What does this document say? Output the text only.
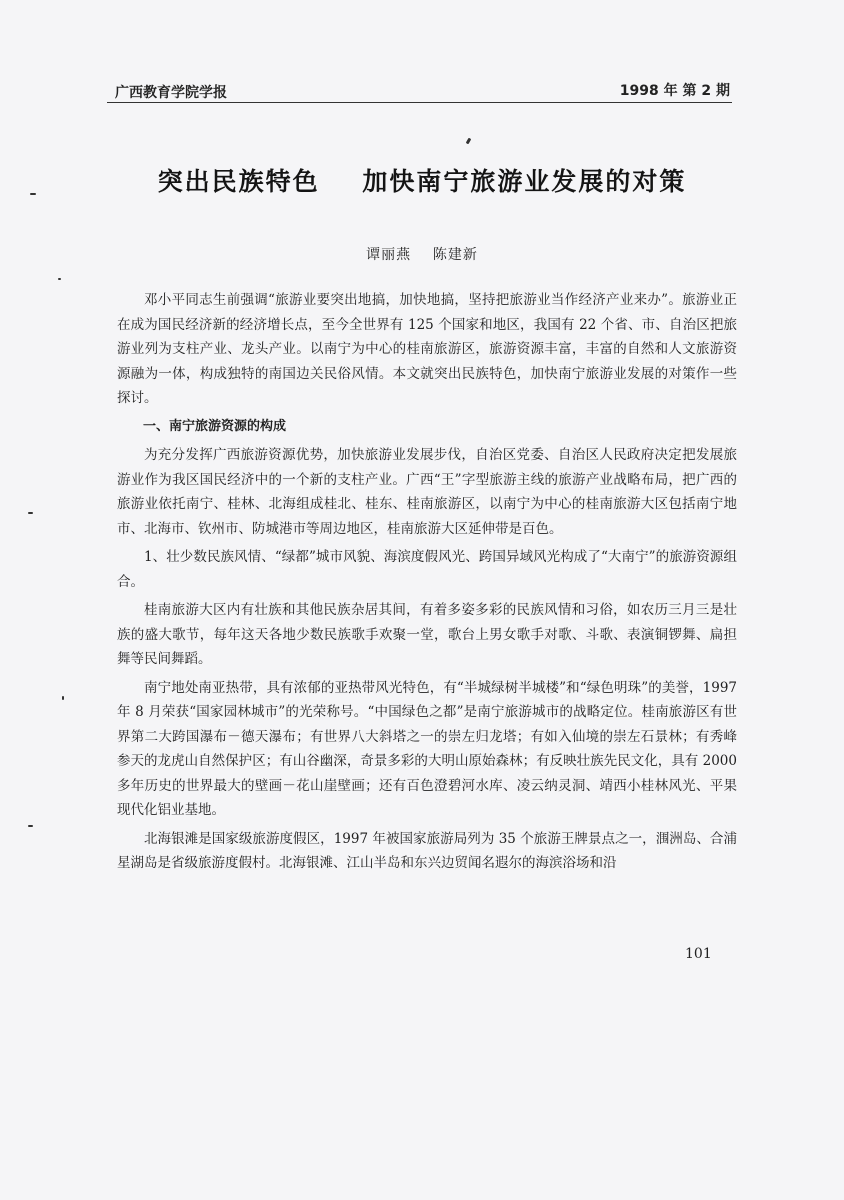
广西教育学院学报	1998 年 第 2 期
突出民族特色    加快南宁旅游业发展的对策
谭丽燕    陈建新

邓小平同志生前强调“旅游业要突出地搞，加快地搞，坚持把旅游业当作经济产业来办”。旅游业正在成为国民经济新的经济增长点，至今全世界有 125 个国家和地区，我国有 22 个省、市、自治区把旅游业列为支柱产业、龙头产业。以南宁为中心的桂南旅游区，旅游资源丰富，丰富的自然和人文旅游资源融为一体，构成独特的南国边关民俗风情。本文就突出民族特色，加快南宁旅游业发展的对策作一些探讨。

一、南宁旅游资源的构成

为充分发挥广西旅游资源优势，加快旅游业发展步伐，自治区党委、自治区人民政府决定把发展旅游业作为我区国民经济中的一个新的支柱产业。广西“王”字型旅游主线的旅游产业战略布局，把广西的旅游业依托南宁、桂林、北海组成桂北、桂东、桂南旅游区，以南宁为中心的桂南旅游大区包括南宁地市、北海市、钦州市、防城港市等周边地区，桂南旅游大区延伸带是百色。

1、壮少数民族风情、“绿都”城市风貌、海滨度假风光、跨国异域风光构成了“大南宁”的旅游资源组合。

桂南旅游大区内有壮族和其他民族杂居其间，有着多姿多彩的民族风情和习俗，如农历三月三是壮族的盛大歌节，每年这天各地少数民族歌手欢聚一堂，歌台上男女歌手对歌、斗歌、表演铜锣舞、扁担舞等民间舞蹈。

南宁地处南亚热带，具有浓郁的亚热带风光特色，有“半城绿树半城楼”和“绿色明珠”的美誉，1997 年 8 月荣获“国家园林城市”的光荣称号。“中国绿色之都”是南宁旅游城市的战略定位。桂南旅游区有世界第二大跨国瀑布－德天瀑布；有世界八大斜塔之一的崇左归龙塔；有如入仙境的崇左石景林；有秀峰参天的龙虎山自然保护区；有山谷幽深，奇景多彩的大明山原始森林；有反映壮族先民文化，具有 2000 多年历史的世界最大的壁画－花山崖壁画；还有百色澄碧河水库、凌云纳灵洞、靖西小桂林风光、平果现代化铝业基地。

北海银滩是国家级旅游度假区，1997 年被国家旅游局列为 35 个旅游王牌景点之一，涠洲岛、合浦星湖岛是省级旅游度假村。北海银滩、江山半岛和东兴边贸闻名遐尔的海滨浴场和沿

101
